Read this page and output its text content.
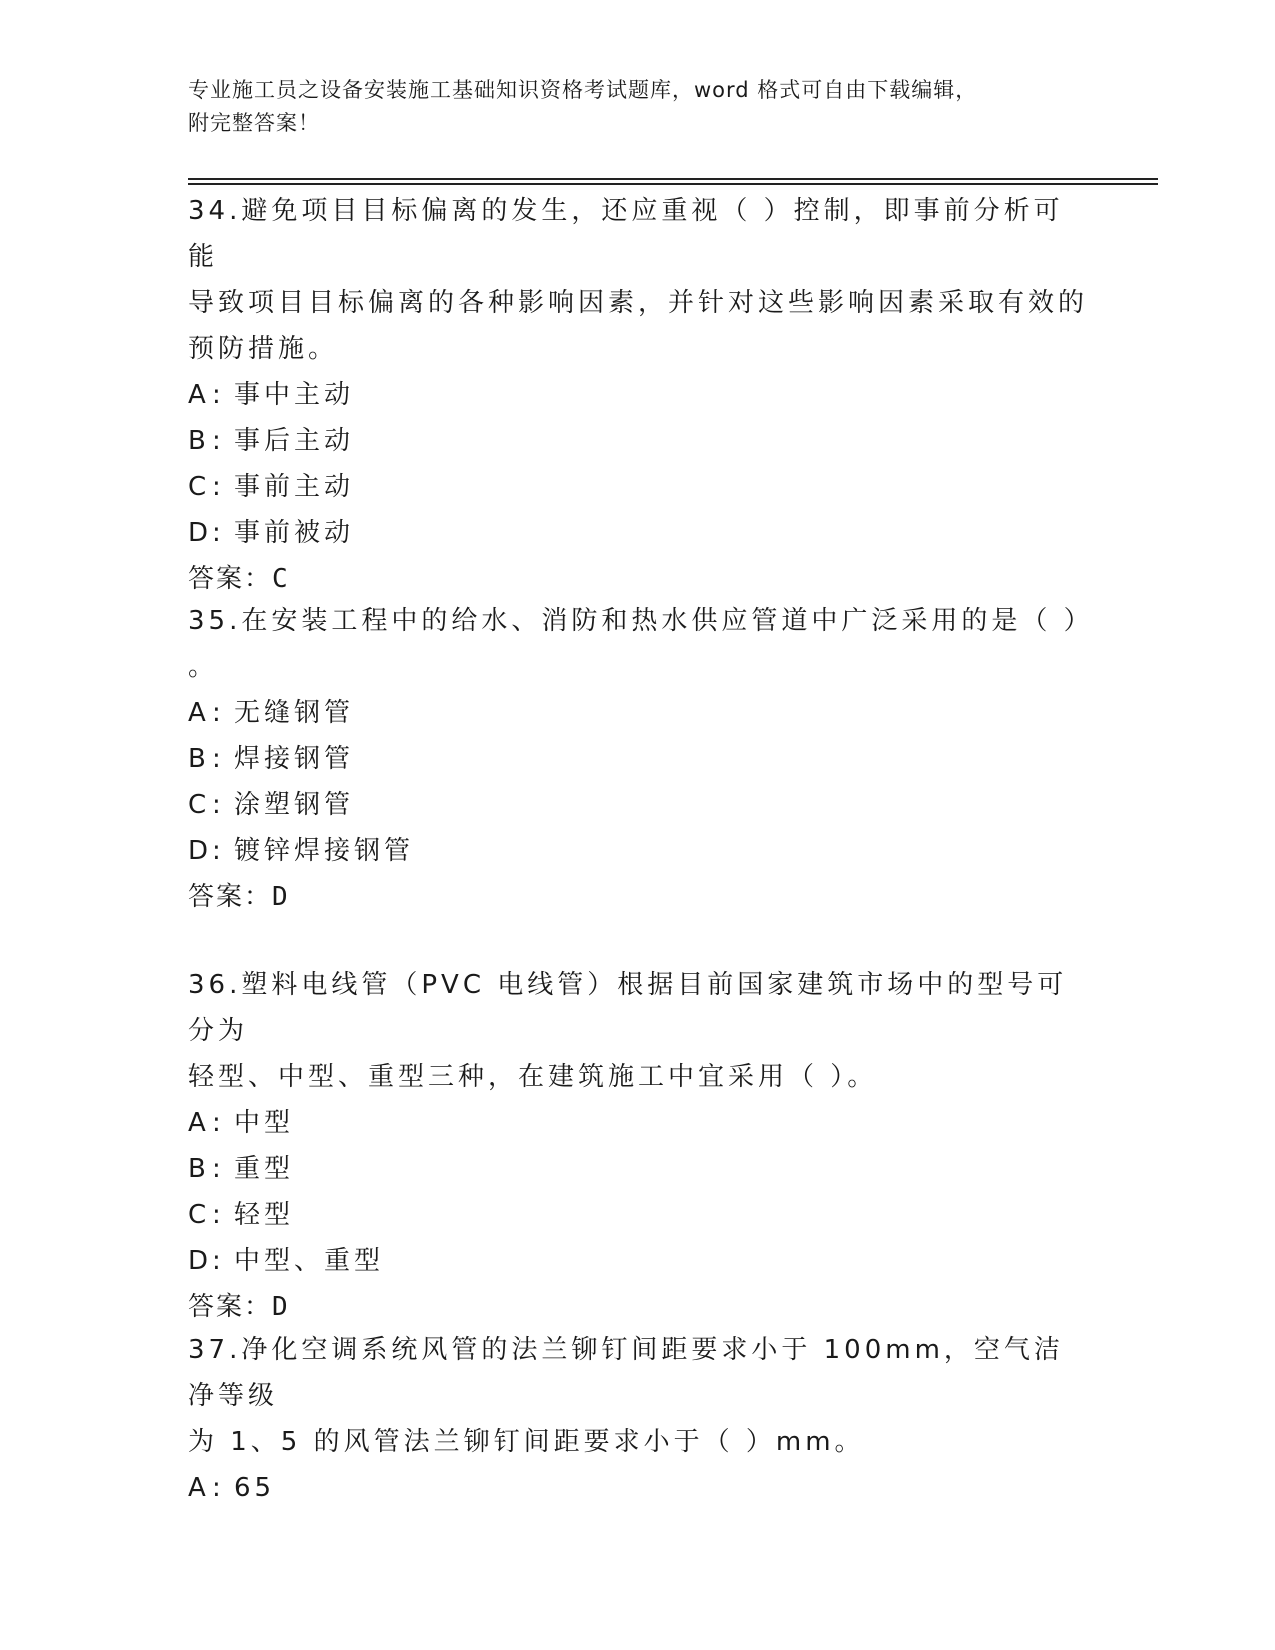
专业施工员之设备安装施工基础知识资格考试题库，word 格式可自由下载编辑，
附完整答案！
34.避免项目目标偏离的发生，还应重视（ ）控制，即事前分析可能
导致项目目标偏离的各种影响因素，并针对这些影响因素采取有效的
预防措施。
A: 事中主动
B: 事后主动
C: 事前主动
D: 事前被动
答案：C
35.在安装工程中的给水、消防和热水供应管道中广泛采用的是（ ）
。
A: 无缝钢管
B: 焊接钢管
C: 涂塑钢管
D: 镀锌焊接钢管
答案：D
36.塑料电线管（PVC 电线管）根据目前国家建筑市场中的型号可分为
轻型、中型、重型三种，在建筑施工中宜采用（ ）。
A: 中型
B: 重型
C: 轻型
D: 中型、重型
答案：D
37.净化空调系统风管的法兰铆钉间距要求小于 100mm，空气洁净等级
为 1、5 的风管法兰铆钉间距要求小于（ ）mm。
A: 65
